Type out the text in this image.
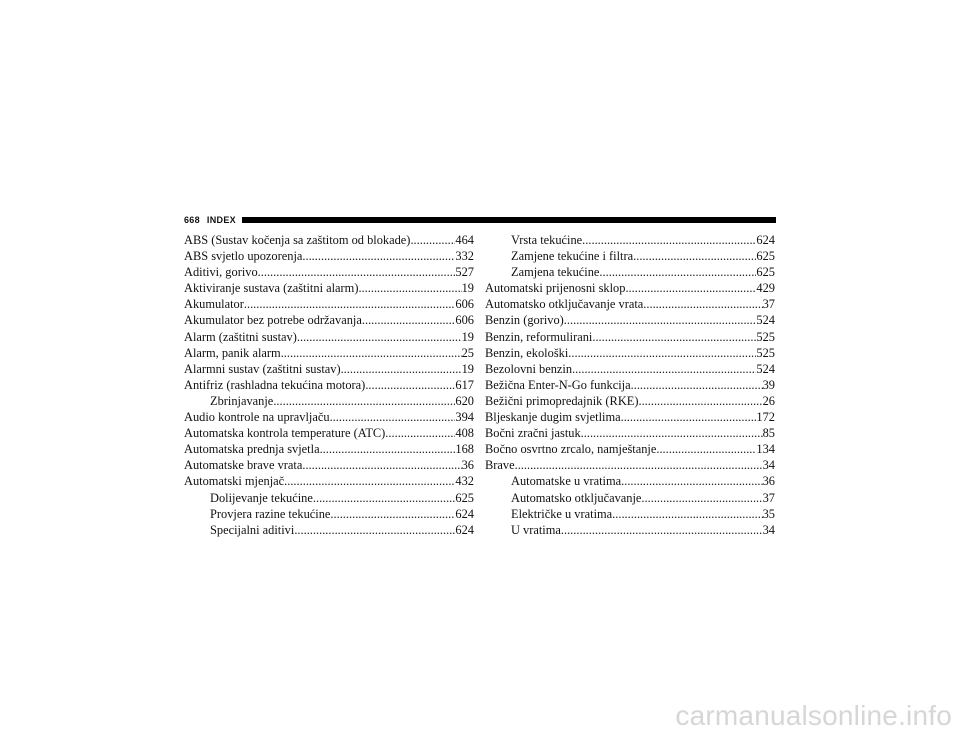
668 INDEX
ABS (Sustav kočenja sa zaštitom od blokade) .....	464
ABS svjetlo upozorenja .....	332
Aditivi, gorivo .....	527
Aktiviranje sustava (zaštitni alarm) .....	19
Akumulator .....	606
Akumulator bez potrebe održavanja .....	606
Alarm (zaštitni sustav) .....	19
Alarm, panik alarm .....	25
Alarmni sustav (zaštitni sustav) .....	19
Antifriz (rashladna tekućina motora) .....	617
Zbrinjavanje .....	620
Audio kontrole na upravljaču .....	394
Automatska kontrola temperature (ATC) .....	408
Automatska prednja svjetla .....	168
Automatske brave vrata .....	36
Automatski mjenjač .....	432
Dolijevanje tekućine .....	625
Provjera razine tekućine .....	624
Specijalni aditivi .....	624
Vrsta tekućine .....	624
Zamjene tekućine i filtra .....	625
Zamjena tekućine .....	625
Automatski prijenosni sklop .....	429
Automatsko otključavanje vrata .....	37
Benzin (gorivo) .....	524
Benzin, reformulirani .....	525
Benzin, ekološki .....	525
Bezolovni benzin .....	524
Bežična Enter-N-Go funkcija .....	39
Bežični primopredajnik (RKE) .....	26
Bljeskanje dugim svjetlima .....	172
Bočni zračni jastuk .....	85
Bočno osvrtno zrcalo, namještanje .....	134
Brave .....	34
Automatske u vratima .....	36
Automatsko otključavanje .....	37
Električke u vratima .....	35
U vratima .....	34
carmanualsonline.info
